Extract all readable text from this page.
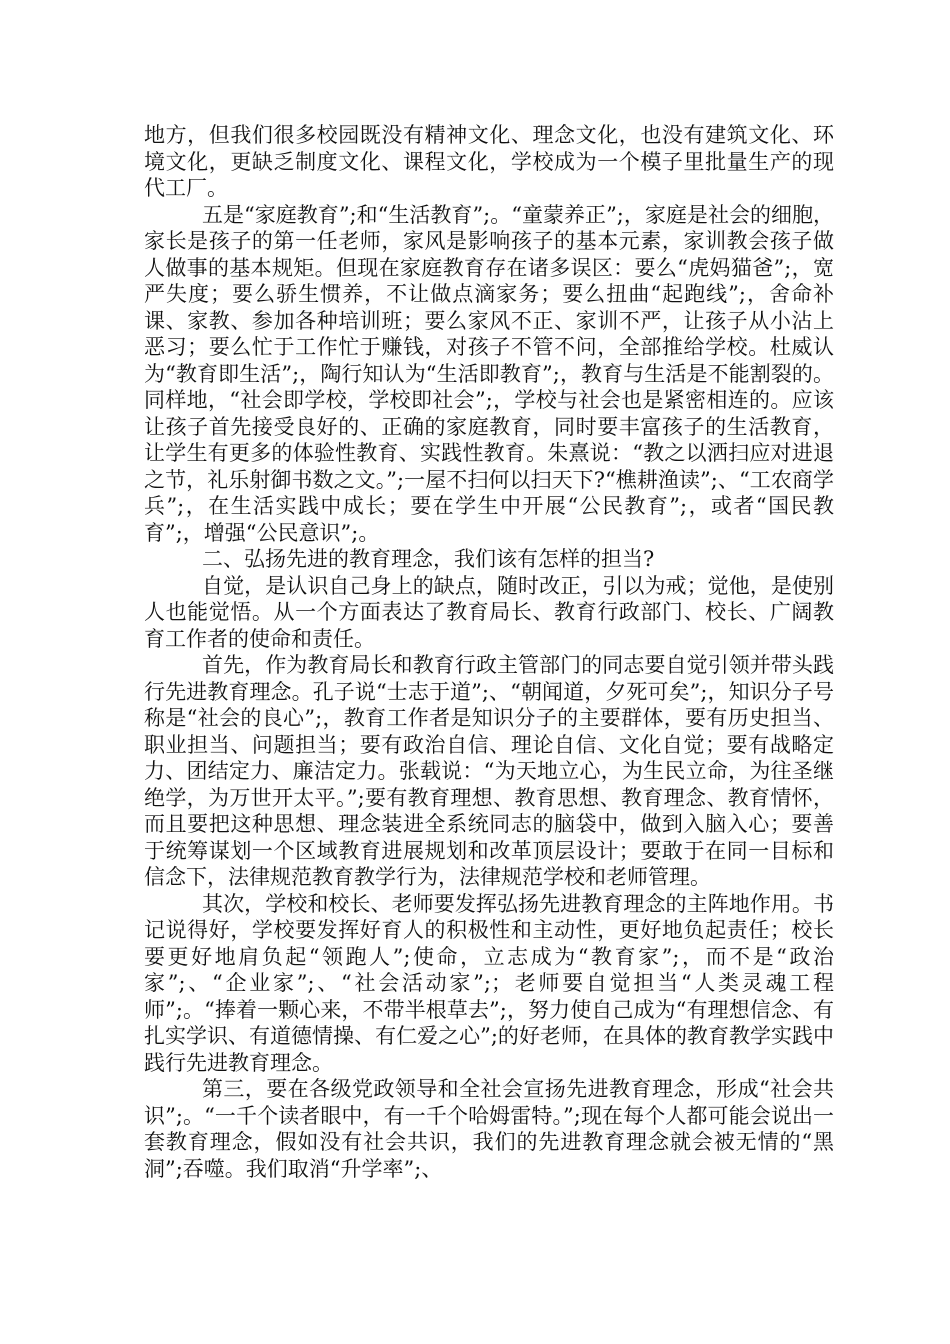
地方，但我们很多校园既没有精神文化、理念文化，也没有建筑文化、环境文化，更缺乏制度文化、课程文化，学校成为一个模子里批量生产的现代工厂。

五是“家庭教育”;和“生活教育”;。“童蒙养正”;，家庭是社会的细胞，家长是孩子的第一任老师，家风是影响孩子的基本元素，家训教会孩子做人做事的基本规矩。但现在家庭教育存在诸多误区：要么“虎妈猫爸”;，宽严失度；要么骄生惯养，不让做点滴家务；要么扭曲“起跑线”;，舍命补课、家教、参加各种培训班；要么家风不正、家训不严，让孩子从小沾上恶习；要么忙于工作忙于赚钱，对孩子不管不问，全部推给学校。杜威认为“教育即生活”;，陶行知认为“生活即教育”;，教育与生活是不能割裂的。同样地，“社会即学校，学校即社会”;，学校与社会也是紧密相连的。应该让孩子首先接受良好的、正确的家庭教育，同时要丰富孩子的生活教育，让学生有更多的体验性教育、实践性教育。朱熹说：“教之以洒扫应对进退之节，礼乐射御书数之文。”;一屋不扫何以扫天下?“樵耕渔读”;、“工农商学兵”;，在生活实践中成长；要在学生中开展“公民教育”;，或者“国民教育”;，增强“公民意识”;。

二、弘扬先进的教育理念，我们该有怎样的担当?

自觉，是认识自己身上的缺点，随时改正，引以为戒；觉他，是使别人也能觉悟。从一个方面表达了教育局长、教育行政部门、校长、广阔教育工作者的使命和责任。

首先，作为教育局长和教育行政主管部门的同志要自觉引领并带头践行先进教育理念。孔子说“士志于道”;、“朝闻道，夕死可矣”;，知识分子号称是“社会的良心”;，教育工作者是知识分子的主要群体，要有历史担当、职业担当、问题担当；要有政治自信、理论自信、文化自觉；要有战略定力、团结定力、廉洁定力。张载说：“为天地立心，为生民立命，为往圣继绝学，为万世开太平。”;要有教育理想、教育思想、教育理念、教育情怀，而且要把这种思想、理念装进全系统同志的脑袋中，做到入脑入心；要善于统筹谋划一个区域教育进展规划和改革顶层设计；要敢于在同一目标和信念下，法律规范教育教学行为，法律规范学校和老师管理。

其次，学校和校长、老师要发挥弘扬先进教育理念的主阵地作用。书记说得好，学校要发挥好育人的积极性和主动性，更好地负起责任；校长要更好地肩负起“领跑人”;使命，立志成为“教育家”;，而不是“政治家”;、“企业家”;、“社会活动家”;；老师要自觉担当“人类灵魂工程师”;。“捧着一颗心来，不带半根草去”;，努力使自己成为“有理想信念、有扎实学识、有道德情操、有仁爱之心”;的好老师，在具体的教育教学实践中践行先进教育理念。

第三，要在各级党政领导和全社会宣扬先进教育理念，形成“社会共识”;。“一千个读者眼中，有一千个哈姆雷特。”;现在每个人都可能会说出一套教育理念，假如没有社会共识，我们的先进教育理念就会被无情的“黑洞”;吞噬。我们取消“升学率”;、
